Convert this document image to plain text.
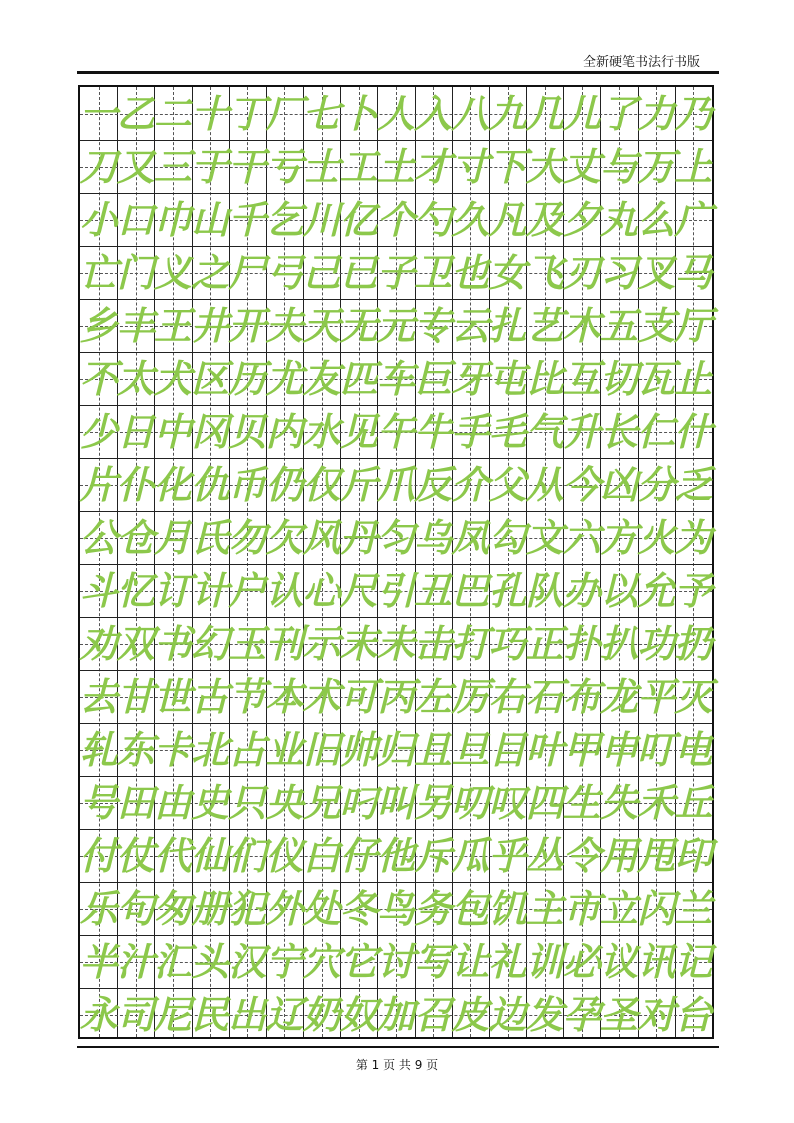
全新硬笔书法行书版
一 乙 二 十 丁 厂 七 卜 人 入 八 九 几 儿 了 力 乃
刀 又 三 于 干 亏 士 工 土 才 寸 下 大 丈 与 万 上
小 口 巾 山 千 乞 川 亿 个 勺 久 凡 及 夕 丸 么 广
亡 门 义 之 尸 弓 己 已 子 卫 也 女 飞 刃 习 叉 马
乡 丰 王 井 开 夫 天 无 元 专 云 扎 艺 木 五 支 厅
不 太 犬 区 历 尤 友 匹 车 巨 牙 屯 比 互 切 瓦 止
少 日 中 冈 贝 内 水 见 午 牛 手 毛 气 升 长 仁 什
片 仆 化 仇 币 仍 仅 斤 爪 反 介 父 从 今 凶 分 乏
公 仓 月 氏 勿 欠 风 丹 匀 乌 凤 勾 文 六 方 火 为
斗 忆 订 计 户 认 心 尺 引 丑 巴 孔 队 办 以 允 予
劝 双 书 幻 玉 刊 示 末 未 击 打 巧 正 扑 扒 功 扔
去 甘 世 古 节 本 术 可 丙 左 厉 右 石 布 龙 平 灭
轧 东 卡 北 占 业 旧 帅 归 且 旦 目 叶 甲 申 叮 电
号 田 由 史 只 央 兄 叼 叫 另 叨 叹 四 生 失 禾 丘
付 仗 代 仙 们 仪 白 仔 他 斥 瓜 乎 丛 令 用 甩 印
乐 句 匆 册 犯 外 处 冬 鸟 务 包 饥 主 市 立 闪 兰
半 汁 汇 头 汉 宁 穴 它 讨 写 让 礼 训 必 议 讯 记
永 司 尼 民 出 辽 奶 奴 加 召 皮 边 发 孕 圣 对 台
第 1 页 共 9 页
